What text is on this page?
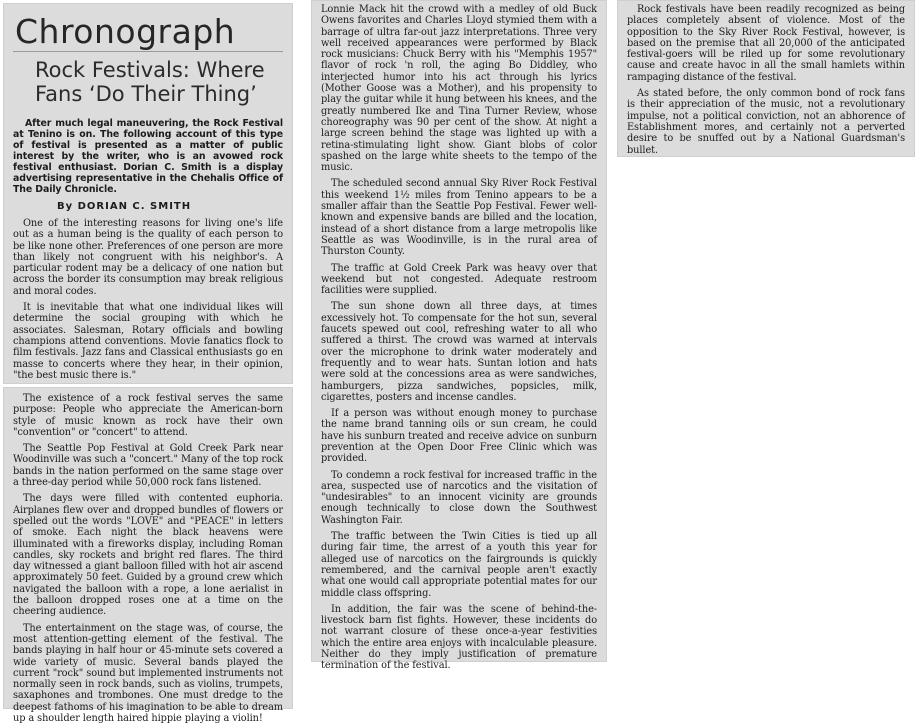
Chronograph
Rock Festivals: Where
Fans ‘Do Their Thing’

After much legal maneuvering, the Rock Festival at Tenino is on. The following account of this type of festival is presented as a matter of public interest by the writer, who is an avowed rock festival enthusiast. Dorian C. Smith is a display advertising representative in the Chehalis Office of The Daily Chronicle.

By DORIAN C. SMITH

One of the interesting reasons for living one's life out as a human being is the quality of each person to be like none other. Preferences of one person are more than likely not congruent with his neighbor's. A particular rodent may be a delicacy of one nation but across the border its consumption may break religious and moral codes.

It is inevitable that what one individual likes will determine the social grouping with which he associates. Salesman, Rotary officials and bowling champions attend conventions. Movie fanatics flock to film festivals. Jazz fans and Classical enthusiasts go en masse to concerts where they hear, in their opinion, "the best music there is."

The existence of a rock festival serves the same purpose: People who appreciate the American-born style of music known as rock have their own "convention" or "concert" to attend.

The Seattle Pop Festival at Gold Creek Park near Woodinville was such a "concert." Many of the top rock bands in the nation performed on the same stage over a three-day period while 50,000 rock fans listened.

The days were filled with contented euphoria. Airplanes flew over and dropped bundles of flowers or spelled out the words "LOVE" and "PEACE" in letters of smoke. Each night the black heavens were illuminated with a fireworks display, including Roman candles, sky rockets and bright red flares. The third day witnessed a giant balloon filled with hot air ascend approximately 50 feet. Guided by a ground crew which navigated the balloon with a rope, a lone aerialist in the balloon dropped roses one at a time on the cheering audience.

The entertainment on the stage was, of course, the most attention-getting element of the festival. The bands playing in half hour or 45-minute sets covered a wide variety of music. Several bands played the current "rock" sound but implemented instruments not normally seen in rock bands, such as violins, trumpets, saxaphones and trombones. One must dredge to the deepest fathoms of his imagination to be able to dream up a shoulder length haired hippie playing a violin!

Lonnie Mack hit the crowd with a medley of old Buck Owens favorites and Charles Lloyd stymied them with a barrage of ultra far-out jazz interpretations. Three very well received appearances were performed by Black rock musicians: Chuck Berry with his "Memphis 1957" flavor of rock 'n roll, the aging Bo Diddley, who interjected humor into his act through his lyrics (Mother Goose was a Mother), and his propensity to play the guitar while it hung between his knees, and the greatly numbered Ike and Tina Turner Review, whose choreography was 90 per cent of the show. At night a large screen behind the stage was lighted up with a retina-stimulating light show. Giant blobs of color spashed on the large white sheets to the tempo of the music.

The scheduled second annual Sky River Rock Festival this weekend 1½ miles from Tenino appears to be a smaller affair than the Seattle Pop Festival. Fewer well-known and expensive bands are billed and the location, instead of a short distance from a large metropolis like Seattle as was Woodinville, is in the rural area of Thurston County.

The traffic at Gold Creek Park was heavy over that weekend but not congested. Adequate restroom facilities were supplied.

The sun shone down all three days, at times excessively hot. To compensate for the hot sun, several faucets spewed out cool, refreshing water to all who suffered a thirst. The crowd was warned at intervals over the microphone to drink water moderately and frequently and to wear hats. Suntan lotion and hats were sold at the concessions area as were sandwiches, hamburgers, pizza sandwiches, popsicles, milk, cigarettes, posters and incense candles.

If a person was without enough money to purchase the name brand tanning oils or sun cream, he could have his sunburn treated and receive advice on sunburn prevention at the Open Door Free Clinic which was provided.

To condemn a rock festival for increased traffic in the area, suspected use of narcotics and the visitation of "undesirables" to an innocent vicinity are grounds enough technically to close down the Southwest Washington Fair.

The traffic between the Twin Cities is tied up all during fair time, the arrest of a youth this year for alleged use of narcotics on the fairgrounds is quickly remembered, and the carnival people aren't exactly what one would call appropriate potential mates for our middle class offspring.

In addition, the fair was the scene of behind-the-livestock barn fist fights. However, these incidents do not warrant closure of these once-a-year festivities which the entire area enjoys with incalculable pleasure. Neither do they imply justification of premature termination of the festival.

Rock festivals have been readily recognized as being places completely absent of violence. Most of the opposition to the Sky River Rock Festival, however, is based on the premise that all 20,000 of the anticipated festival-goers will be riled up for some revolutionary cause and create havoc in all the small hamlets within rampaging distance of the festival.

As stated before, the only common bond of rock fans is their appreciation of the music, not a revolutionary impulse, not a political conviction, not an abhorence of Establishment mores, and certainly not a perverted desire to be snuffed out by a National Guardsman's bullet.
